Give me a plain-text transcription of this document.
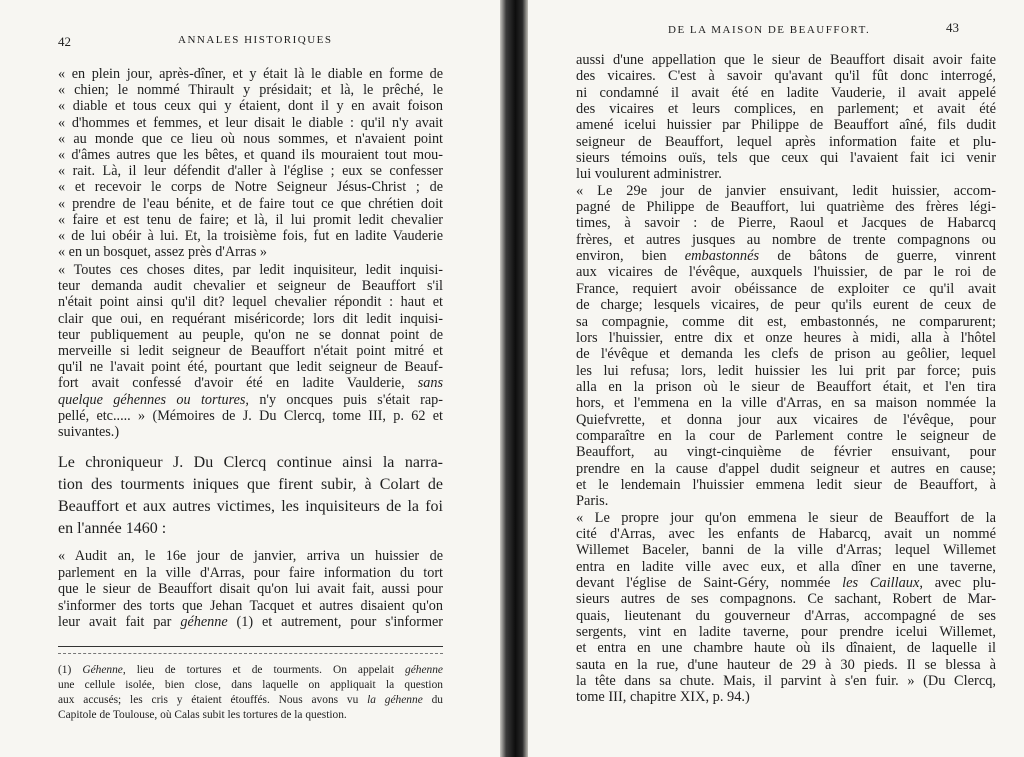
42	ANNALES HISTORIQUES
« en plein jour, après-dîner, et y était là le diable en forme de
« chien; le nommé Thirault y présidait; et là, le prêché, le
« diable et tous ceux qui y étaient, dont il y en avait foison
« d'hommes et femmes, et leur disait le diable : qu'il n'y avait
« au monde que ce lieu où nous sommes, et n'avaient point
« d'âmes autres que les bêtes, et quand ils mouraient tout mou-
« rait. Là, il leur défendit d'aller à l'église ; eux se confesser
« et recevoir le corps de Notre Seigneur Jésus-Christ ; de
« prendre de l'eau bénite, et de faire tout ce que chrétien doit
« faire et est tenu de faire; et là, il lui promit ledit chevalier
« de lui obéir à lui. Et, la troisième fois, fut en ladite Vauderie
« en un bosquet, assez près d'Arras »
« Toutes ces choses dites, par ledit inquisiteur, ledit inquisi-
teur demanda audit chevalier et seigneur de Beauffort s'il
n'était point ainsi qu'il dit? lequel chevalier répondit : haut et
clair que oui, en requérant miséricorde; lors dit ledit inquisi-
teur publiquement au peuple, qu'on ne se donnat point de
merveille si ledit seigneur de Beauffort n'était point mitré et
qu'il ne l'avait point été, pourtant que ledit seigneur de Beauf-
fort avait confessé d'avoir été en ladite Vaulderie, sans
quelque géhennes ou tortures, n'y oncques puis s'était rap-
pellé, etc..... » (Mémoires de J. Du Clercq, tome III, p. 62 et
suivantes.)
Le chroniqueur J. Du Clercq continue ainsi la narra-
tion des tourments iniques que firent subir, à Colart de
Beauffort et aux autres victimes, les inquisiteurs de la foi
en l'année 1460 :
« Audit an, le 16e jour de janvier, arriva un huissier de
parlement en la ville d'Arras, pour faire information du tort
que le sieur de Beauffort disait qu'on lui avait fait, aussi pour
s'informer des torts que Jehan Tacquet et autres disaient qu'on
leur avait fait par géhenne (1) et autrement, pour s'informer
(1) Géhenne, lieu de tortures et de tourments. On appelait géhenne
une cellule isolée, bien close, dans laquelle on appliquait la question
aux accusés; les cris y étaient étouffés. Nous avons vu la géhenne du
Capitole de Toulouse, où Calas subit les tortures de la question.
DE LA MAISON DE BEAUFFORT.	43
aussi d'une appellation que le sieur de Beauffort disait avoir faite
des vicaires. C'est à savoir qu'avant qu'il fût donc interrogé,
ni condamné il avait été en ladite Vauderie, il avait appelé
des vicaires et leurs complices, en parlement; et avait été
amené icelui huissier par Philippe de Beauffort aîné, fils dudit
seigneur de Beauffort, lequel après information faite et plu-
sieurs témoins ouïs, tels que ceux qui l'avaient fait ici venir
lui voulurent administrer.
« Le 29e jour de janvier ensuivant, ledit huissier, accom-
pagné de Philippe de Beauffort, lui quatrième des frères légi-
times, à savoir : de Pierre, Raoul et Jacques de Habarcq
frères, et autres jusques au nombre de trente compagnons ou
environ, bien embastonnés de bâtons de guerre, vinrent
aux vicaires de l'évêque, auxquels l'huissier, de par le roi de
France, requiert avoir obéissance de exploiter ce qu'il avait
de charge; lesquels vicaires, de peur qu'ils eurent de ceux de
sa compagnie, comme dit est, embastonnés, ne comparurent;
lors l'huissier, entre dix et onze heures à midi, alla à l'hôtel
de l'évêque et demanda les clefs de prison au geôlier, lequel
les lui refusa; lors, ledit huissier les lui prit par force; puis
alla en la prison où le sieur de Beauffort était, et l'en tira
hors, et l'emmena en la ville d'Arras, en sa maison nommée la
Quiefvrette, et donna jour aux vicaires de l'évêque, pour
comparaître en la cour de Parlement contre le seigneur de
Beauffort, au vingt-cinquième de février ensuivant, pour
prendre en la cause d'appel dudit seigneur et autres en cause;
et le lendemain l'huissier emmena ledit sieur de Beauffort, à
Paris.
« Le propre jour qu'on emmena le sieur de Beauffort de la
cité d'Arras, avec les enfants de Habarcq, avait un nommé
Willemet Baceler, banni de la ville d'Arras; lequel Willemet
entra en ladite ville avec eux, et alla dîner en une taverne,
devant l'église de Saint-Géry, nommée les Caillaux, avec plu-
sieurs autres de ses compagnons. Ce sachant, Robert de Mar-
quais, lieutenant du gouverneur d'Arras, accompagné de ses
sergents, vint en ladite taverne, pour prendre icelui Willemet,
et entra en une chambre haute où ils dînaient, de laquelle il
sauta en la rue, d'une hauteur de 29 à 30 pieds. Il se blessa à
la tête dans sa chute. Mais, il parvint à s'en fuir. » (Du Clercq,
tome III, chapitre XIX, p. 94.)
